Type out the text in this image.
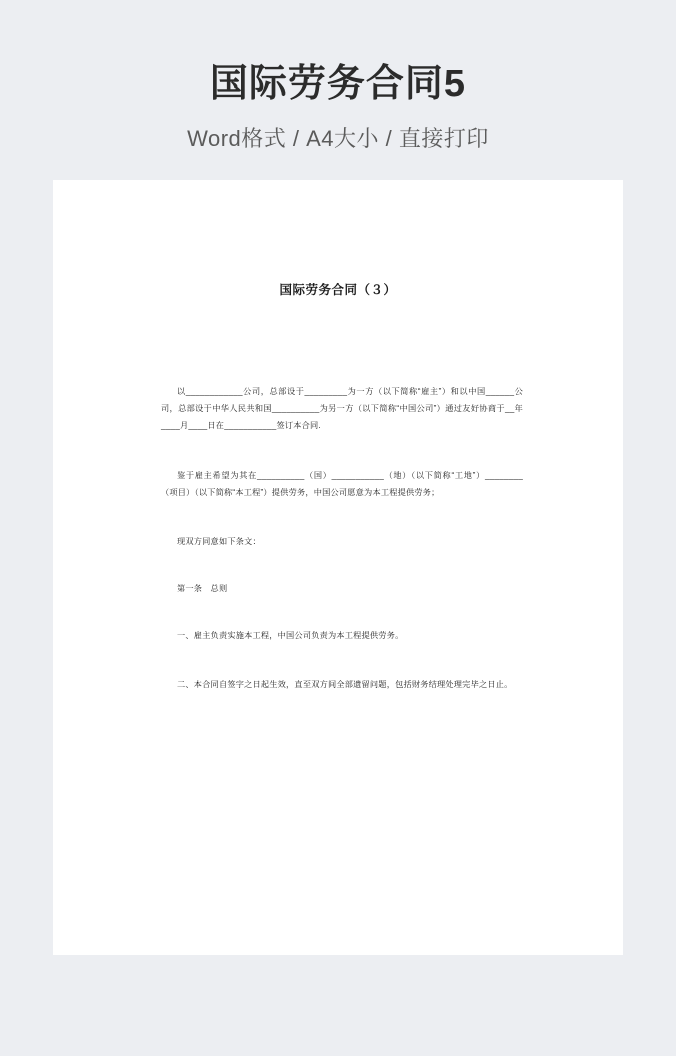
国际劳务合同5
Word格式 / A4大小 / 直接打印
国际劳务合同（３）
以____________公司，总部设于_________为一方（以下简称“雇主”）和以中国______公司，总部设于中华人民共和国__________为另一方（以下简称“中国公司”）通过友好协商于__年____月____日在___________签订本合同.
鉴于雇主希望为其在__________（国）___________（地）（以下简称“工地”）________（项目）（以下简称“本工程”）提供劳务，中国公司愿意为本工程提供劳务；
现双方同意如下条文：
第一条　总则
一、雇主负责实施本工程，中国公司负责为本工程提供劳务。
二、本合同自签字之日起生效，直至双方间全部遗留问题，包括财务结理处理完毕之日止。
